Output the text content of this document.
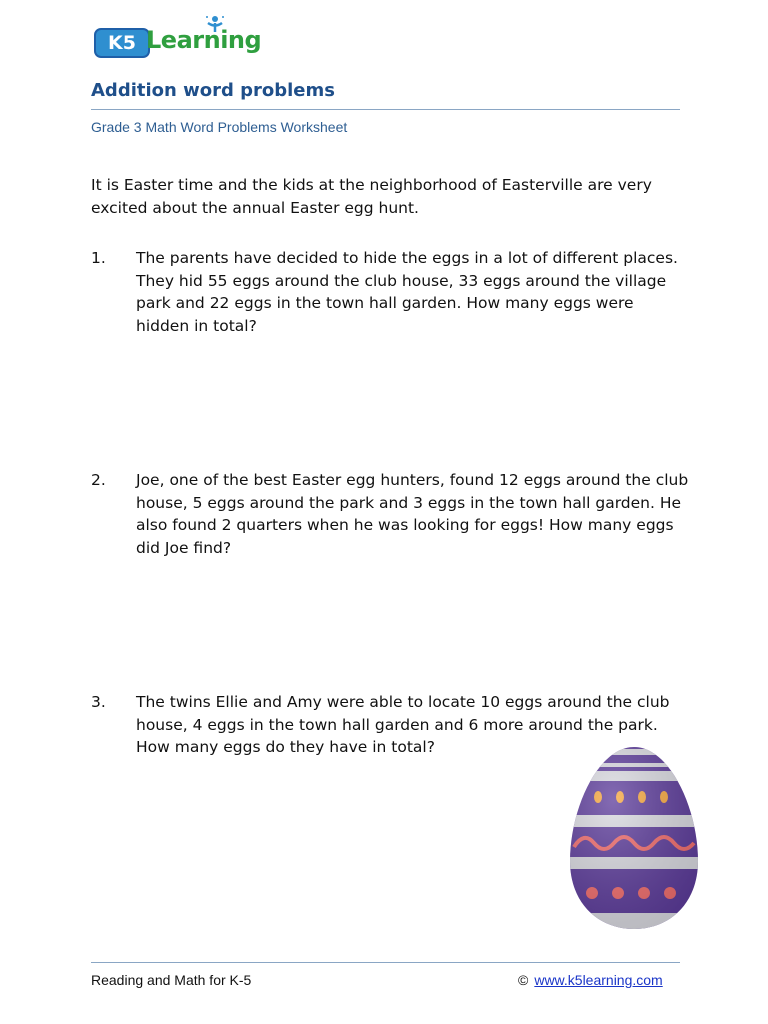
K5 Learning
Addition word problems
Grade 3 Math Word Problems Worksheet
It is Easter time and the kids at the neighborhood of Easterville are very excited about the annual Easter egg hunt.
1. The parents have decided to hide the eggs in a lot of different places. They hid 55 eggs around the club house, 33 eggs around the village park and 22 eggs in the town hall garden. How many eggs were hidden in total?
2. Joe, one of the best Easter egg hunters, found 12 eggs around the club house, 5 eggs around the park and 3 eggs in the town hall garden. He also found 2 quarters when he was looking for eggs! How many eggs did Joe find?
3. The twins Ellie and Amy were able to locate 10 eggs around the club house, 4 eggs in the town hall garden and 6 more around the park. How many eggs do they have in total?
Reading and Math for K-5	© www.k5learning.com
